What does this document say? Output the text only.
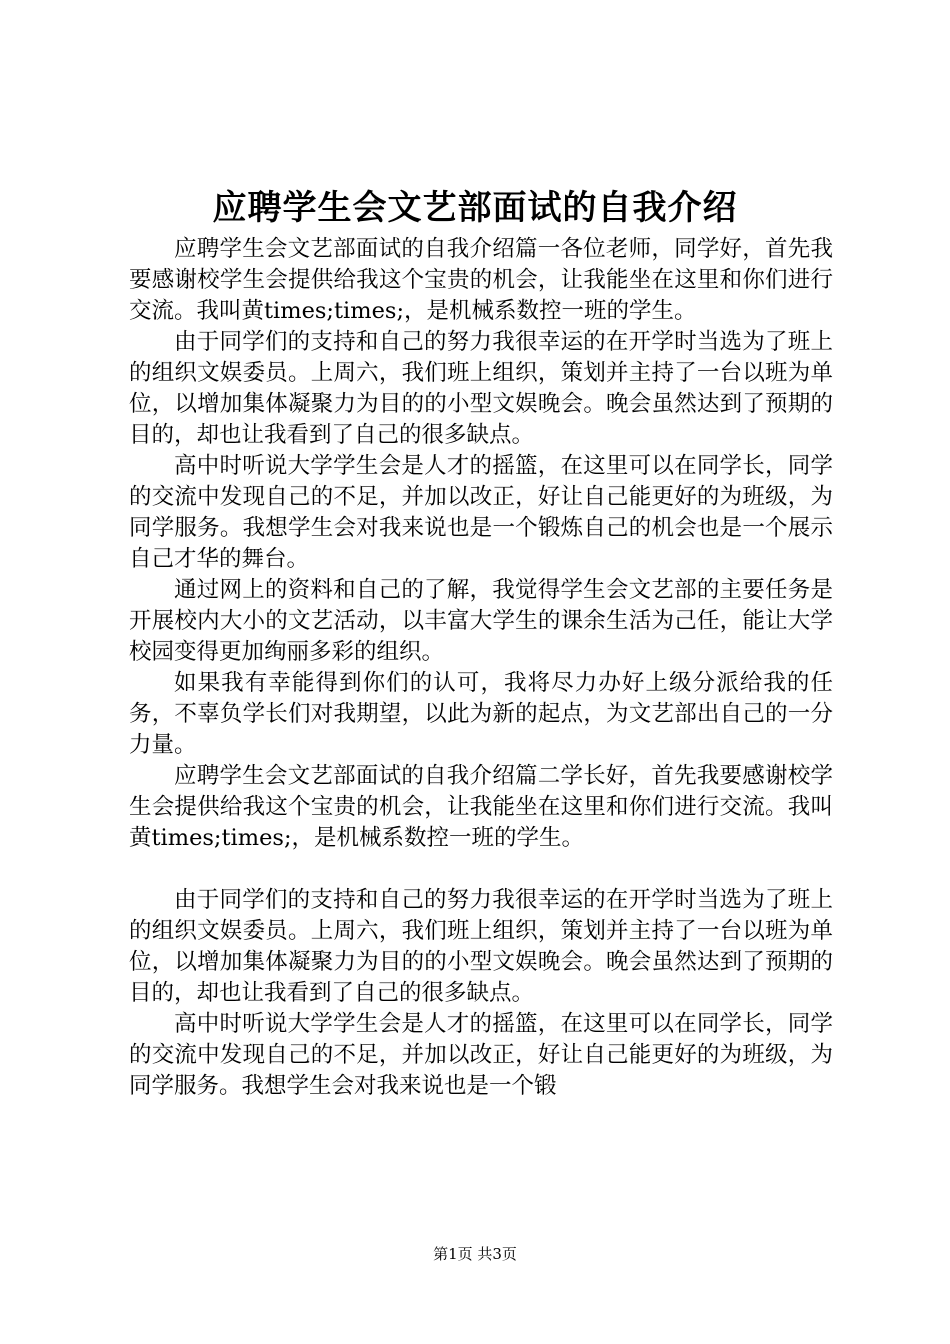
应聘学生会文艺部面试的自我介绍

应聘学生会文艺部面试的自我介绍篇一各位老师，同学好，首先我要感谢校学生会提供给我这个宝贵的机会，让我能坐在这里和你们进行交流。我叫黄times;times;，是机械系数控一班的学生。

由于同学们的支持和自己的努力我很幸运的在开学时当选为了班上的组织文娱委员。上周六，我们班上组织，策划并主持了一台以班为单位，以增加集体凝聚力为目的的小型文娱晚会。晚会虽然达到了预期的目的，却也让我看到了自己的很多缺点。

高中时听说大学学生会是人才的摇篮，在这里可以在同学长，同学的交流中发现自己的不足，并加以改正，好让自己能更好的为班级，为同学服务。我想学生会对我来说也是一个锻炼自己的机会也是一个展示自己才华的舞台。

通过网上的资料和自己的了解，我觉得学生会文艺部的主要任务是开展校内大小的文艺活动，以丰富大学生的课余生活为己任，能让大学校园变得更加绚丽多彩的组织。

如果我有幸能得到你们的认可，我将尽力办好上级分派给我的任务，不辜负学长们对我期望，以此为新的起点，为文艺部出自己的一分力量。

应聘学生会文艺部面试的自我介绍篇二学长好，首先我要感谢校学生会提供给我这个宝贵的机会，让我能坐在这里和你们进行交流。我叫黄times;times;，是机械系数控一班的学生。

由于同学们的支持和自己的努力我很幸运的在开学时当选为了班上的组织文娱委员。上周六，我们班上组织，策划并主持了一台以班为单位，以增加集体凝聚力为目的的小型文娱晚会。晚会虽然达到了预期的目的，却也让我看到了自己的很多缺点。

高中时听说大学学生会是人才的摇篮，在这里可以在同学长，同学的交流中发现自己的不足，并加以改正，好让自己能更好的为班级，为同学服务。我想学生会对我来说也是一个锻

第1页 共3页
